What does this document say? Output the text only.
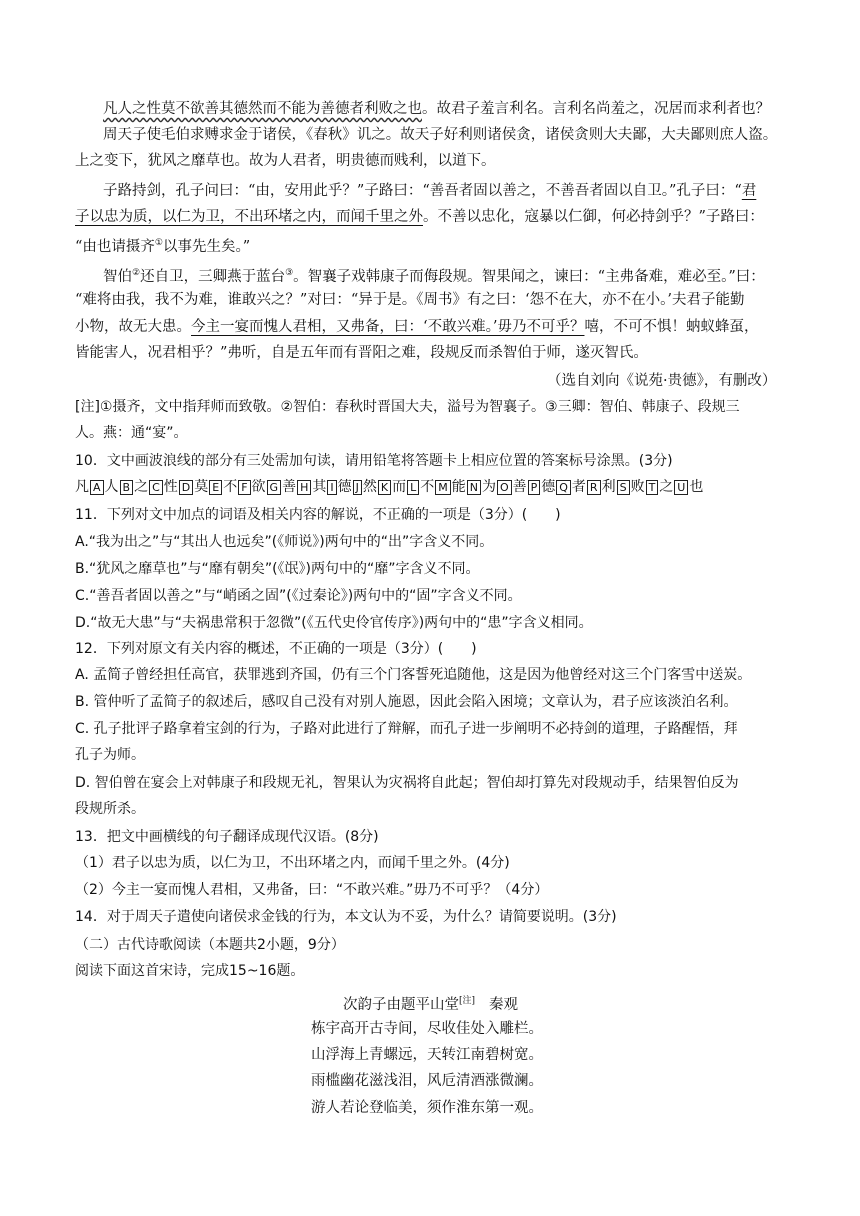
凡人之性莫不欲善其德然而不能为善德者利败之也。故君子羞言利名。言利名尚羞之，况居而求利者也？
周天子使毛伯求赙求金于诸侯，《春秋》讥之。故天子好利则诸侯贪，诸侯贪则大夫鄙，大夫鄙则庶人盗。
上之变下，犹风之靡草也。故为人君者，明贵德而贱利，以道下。
子路持剑，孔子问曰：“由，安用此乎？”子路曰：“善吾者固以善之，不善吾者固以自卫。”孔子曰：“君
子以忠为质，以仁为卫，不出环堵之内，而闻千里之外。不善以忠化，寇暴以仁御，何必持剑乎？”子路曰：
“由也请摄齐①以事先生矣。”
智伯②还自卫，三卿燕于蓝台③。智襄子戏韩康子而侮段规。智果闻之，谏曰：“主弗备难，难必至。”曰：
“难将由我，我不为难，谁敢兴之？”对曰：“异于是。《周书》有之曰：‘怨不在大，亦不在小。’夫君子能勤
小物，故无大患。今主一宴而愧人君相，又弗备，曰：‘不敢兴难。’毋乃不可乎？嘻，不可不惧！蚋蚁蜂虿，
皆能害人，况君相乎？”弗听，自是五年而有晋阳之难，段规反而杀智伯于师，遂灭智氏。
（选自刘向《说苑·贵德》，有删改）
[注]①摄齐，文中指拜师而致敬。②智伯：春秋时晋国大夫，溢号为智襄子。③三卿：智伯、韩康子、段规三
人。燕：通“宴”。
10．文中画波浪线的部分有三处需加句读，请用铅笔将答题卡上相应位置的答案标号涂黑。(3分)
凡 A 人 B 之 C 性 D 莫 E 不 F 欲 G 善 H 其 I 德 J 然 K 而 L 不 M 能 N 为 O 善 P 德 Q 者 R 利 S 败 T 之 U 也
11．下列对文中加点的词语及相关内容的解说，不正确的一项是（3分）(　　)
A.“我为出之”与“其出人也远矣”(《师说》)两句中的“出”字含义不同。
B.“犹风之靡草也”与“靡有朝矣”(《氓》)两句中的“靡”字含义不同。
C.“善吾者固以善之”与“峭函之固”(《过秦论》)两句中的“固”字含义不同。
D.“故无大患”与“夫祸患常积于忽微”(《五代史伶官传序》)两句中的“患”字含义相同。
12．下列对原文有关内容的概述，不正确的一项是（3分）(　　)
A. 孟简子曾经担任高官，获罪逃到齐国，仍有三个门客誓死追随他，这是因为他曾经对这三个门客雪中送炭。
B. 管仲听了孟简子的叙述后，感叹自己没有对别人施恩，因此会陷入困境；文章认为，君子应该淡泊名利。
C. 孔子批评子路拿着宝剑的行为，子路对此进行了辩解，而孔子进一步阐明不必持剑的道理，子路醒悟，拜
孔子为师。
D. 智伯曾在宴会上对韩康子和段规无礼，智果认为灾祸将自此起；智伯却打算先对段规动手，结果智伯反为
段规所杀。
13．把文中画横线的句子翻译成现代汉语。(8分)
（1）君子以忠为质，以仁为卫，不出环堵之内，而闻千里之外。(4分)
（2）今主一宴而愧人君相，又弗备，曰：“不敢兴难。”毋乃不可乎？（4分）
14．对于周天子遣使向诸侯求金钱的行为，本文认为不妥，为什么？请简要说明。(3分)
（二）古代诗歌阅读（本题共2小题，9分）
阅读下面这首宋诗，完成15~16题。
次韵子由题平山堂[注] 秦观
栋宇高开古寺间，尽收佳处入雕栏。
山浮海上青螺远，天转江南碧树宽。
雨槛幽花滋浅泪，风卮清酒涨微澜。
游人若论登临美，须作淮东第一观。
